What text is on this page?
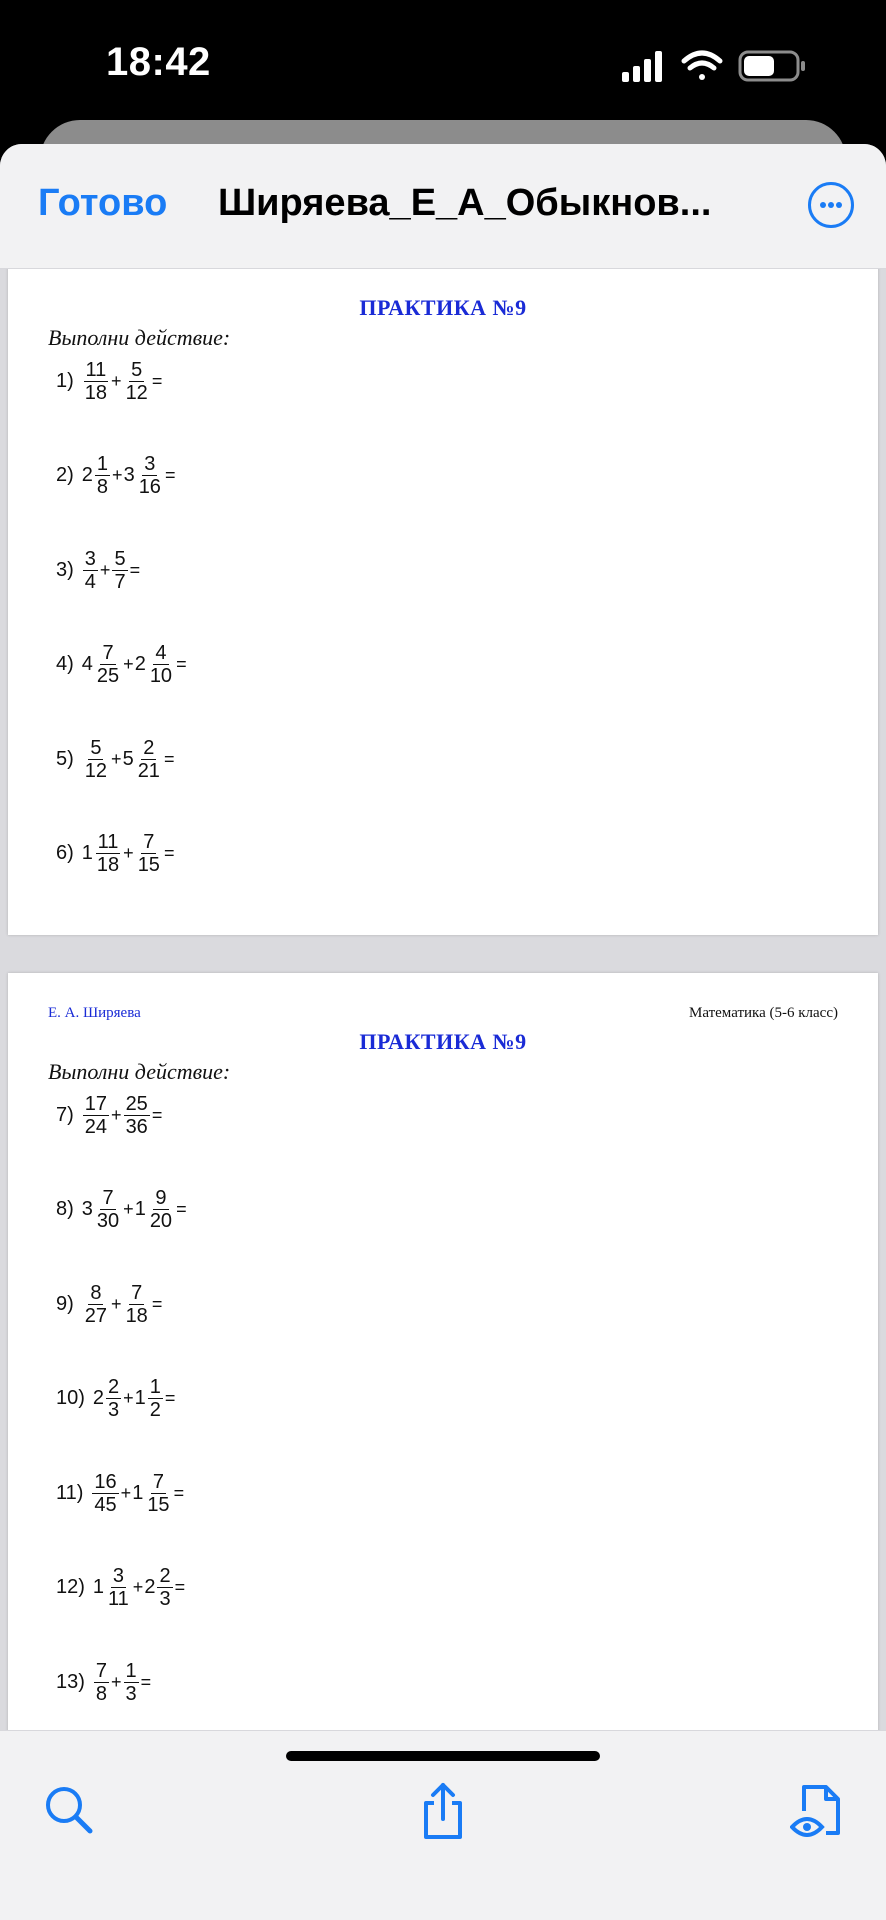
18:42
Готово Ширяева_Е_А_Обыкнов...
ПРАКТИКА №9
Выполни действие:
$1) \frac{11}{18} + \frac{5}{12}$ =
2) $2 \frac{1}{8} + 3 \frac{3}{16}$ =
$3) \frac{3}{4} + \frac{5}{7}$ =
4) $4 \frac{7}{25} + 2 \frac{4}{10}$ =
$5) \frac{5}{12} + 5 \frac{2}{21}$ =
6) $1 \frac{11}{18} + \frac{7}{15}$ =
Е. А. Ширяева	Математика (5-6 класс)
ПРАКТИКА №9
Выполни действие:
$7) \frac{17}{24} + \frac{25}{36}$ =
8) $3 \frac{7}{30} + 1 \frac{9}{20}$ =
$9) \frac{8}{27} + \frac{7}{18}$ =
10) $2 \frac{2}{3} + 1 \frac{1}{2}$ =
$11) \frac{16}{45} + 1 \frac{7}{15}$ =
12) $1 \frac{3}{11} + 2 \frac{2}{3}$ =
$13) \frac{7}{8} + \frac{1}{3}$ =
